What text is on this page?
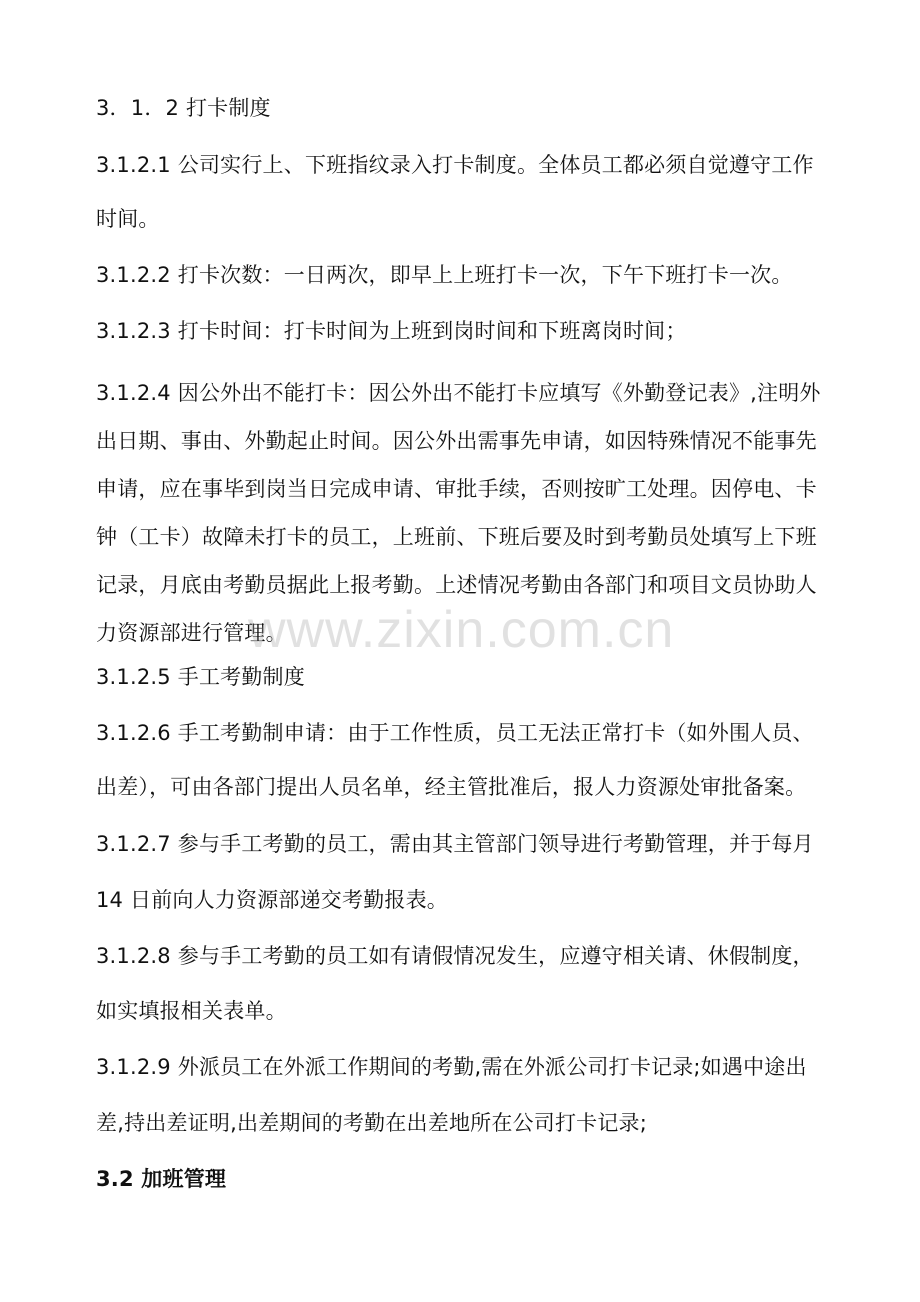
3．1．2 打卡制度
3.1.2.1 公司实行上、下班指纹录入打卡制度。全体员工都必须自觉遵守工作
时间。
3.1.2.2 打卡次数：一日两次，即早上上班打卡一次，下午下班打卡一次。
3.1.2.3 打卡时间：打卡时间为上班到岗时间和下班离岗时间；
3.1.2.4 因公外出不能打卡：因公外出不能打卡应填写《外勤登记表》,注明外
出日期、事由、外勤起止时间。因公外出需事先申请，如因特殊情况不能事先
申请，应在事毕到岗当日完成申请、审批手续，否则按旷工处理。因停电、卡
钟（工卡）故障未打卡的员工，上班前、下班后要及时到考勤员处填写上下班
记录，月底由考勤员据此上报考勤。上述情况考勤由各部门和项目文员协助人
力资源部进行管理。
3.1.2.5 手工考勤制度
3.1.2.6 手工考勤制申请：由于工作性质，员工无法正常打卡（如外围人员、
出差），可由各部门提出人员名单，经主管批准后，报人力资源处审批备案。
3.1.2.7 参与手工考勤的员工，需由其主管部门领导进行考勤管理，并于每月
14 日前向人力资源部递交考勤报表。
3.1.2.8 参与手工考勤的员工如有请假情况发生，应遵守相关请、休假制度，
如实填报相关表单。
3.1.2.9 外派员工在外派工作期间的考勤,需在外派公司打卡记录;如遇中途出
差,持出差证明,出差期间的考勤在出差地所在公司打卡记录;
3.2 加班管理
www.zixin.com.cn
